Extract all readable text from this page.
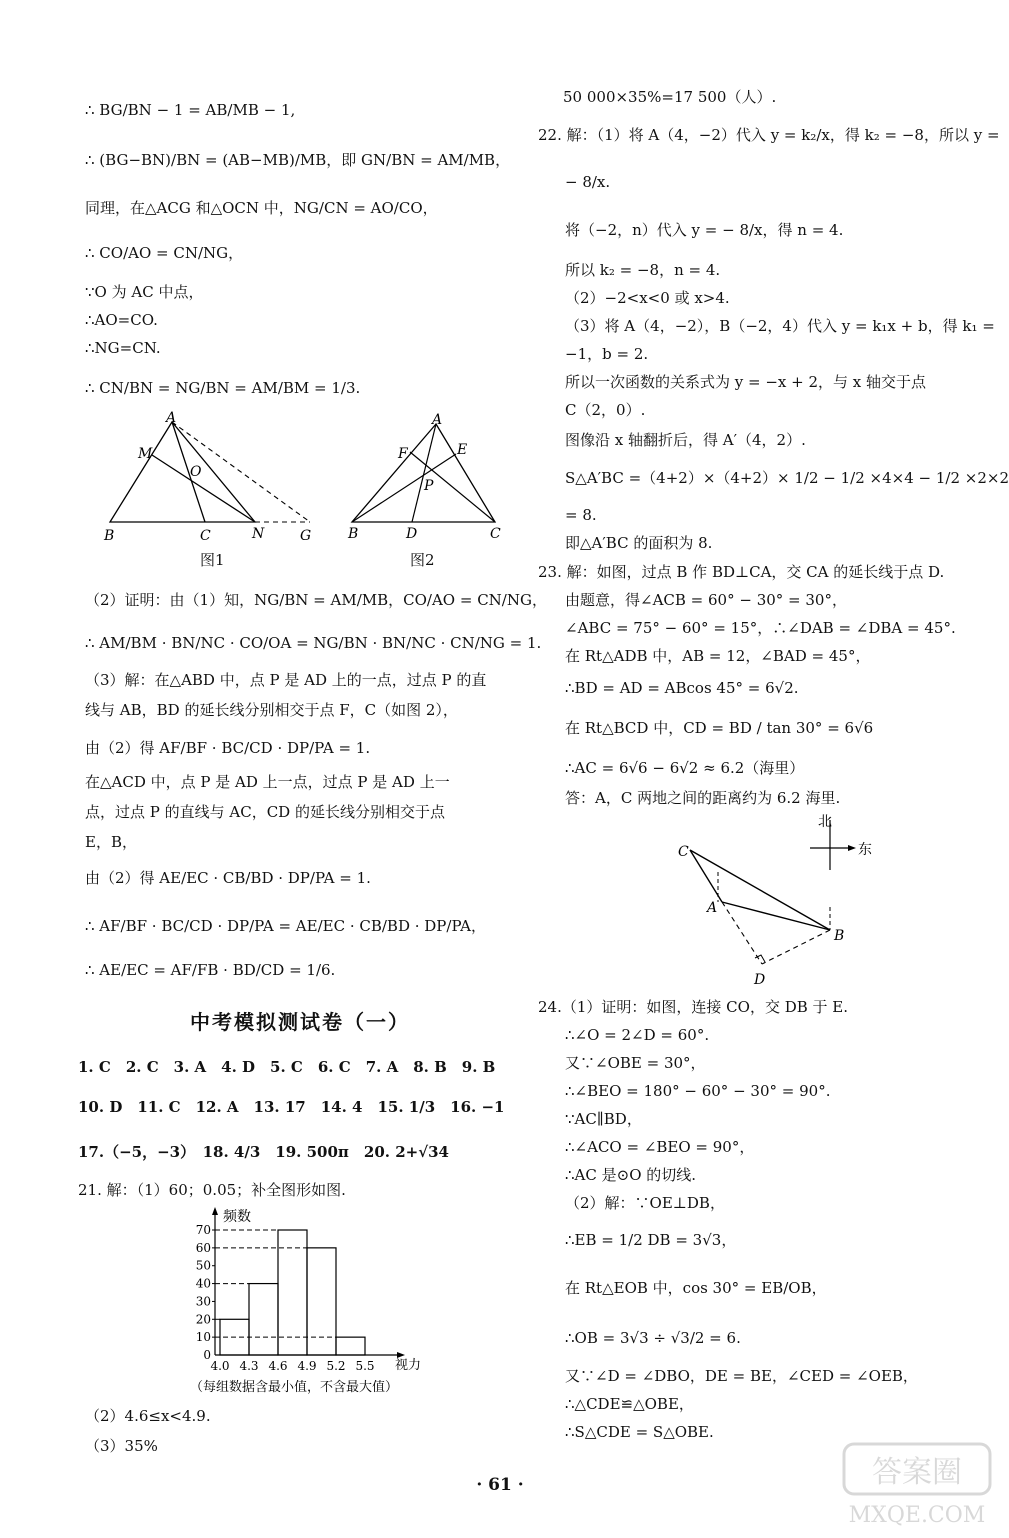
∴ BG/BN − 1 = AB/MB − 1,
∴ (BG−BN)/BN = (AB−MB)/MB，即 GN/BN = AM/MB，
同理，在△ACG 和△OCN 中，NG/CN = AO/CO，
∴ CO/AO = CN/NG，
∵O 为 AC 中点，
∴AO=CO.
∴NG=CN.
∴ CN/BN = NG/BN = AM/BM = 1/3.
A
M
O
B	C	N	G
图1
A
F	E
P
B	D	C
图2
（2）证明：由（1）知，NG/BN = AM/MB，CO/AO = CN/NG，
∴ AM/BM · BN/NC · CO/OA = NG/BN · BN/NC · CN/NG = 1.
（3）解：在△ABD 中，点 P 是 AD 上的一点，过点 P 的直
线与 AB，BD 的延长线分别相交于点 F，C（如图 2），
由（2）得 AF/BF · BC/CD · DP/PA = 1.
在△ACD 中，点 P 是 AD 上一点，过点 P 是 AD 上一
点，过点 P 的直线与 AC，CD 的延长线分别相交于点
E，B，
由（2）得 AE/EC · CB/BD · DP/PA = 1.
∴ AF/BF · BC/CD · DP/PA = AE/EC · CB/BD · DP/PA，
∴ AE/EC = AF/FB · BD/CD = 1/6.
中考模拟测试卷（一）
1. C　2. C　3. A　4. D　5. C　6. C　7. A　8. B　9. B
10. D　11. C　12. A　13. 17　14. 4　15. 1/3　16. −1
17.（−5，−3）　18. 4/3　19. 500π　20. 2+√34
21. 解：（1）60；0.05；补全图形如图.
频数
视力
0
10
20
30
40
50
60
70
4.0 4.3 4.6 4.9 5.2 5.5
（每组数据含最小值，不含最大值）
（2）4.6≤x<4.9.
（3）35%
50 000×35%=17 500（人）.
22. 解：（1）将 A（4，−2）代入 y = k₂/x，得 k₂ = −8，所以 y =
− 8/x.
将（−2，n）代入 y = − 8/x，得 n = 4.
所以 k₂ = −8，n = 4.
（2）−2<x<0 或 x>4.
（3）将 A（4，−2），B（−2，4）代入 y = k₁x + b，得 k₁ =
−1，b = 2.
所以一次函数的关系式为 y = −x + 2，与 x 轴交于点
C（2，0）.
图像沿 x 轴翻折后，得 A′（4，2）.
S△A′BC =（4+2）×（4+2）× 1/2 − 1/2 ×4×4 − 1/2 ×2×2
= 8.
即△A′BC 的面积为 8.
23. 解：如图，过点 B 作 BD⊥CA，交 CA 的延长线于点 D.
由题意，得∠ACB = 60° − 30° = 30°，
∠ABC = 75° − 60° = 15°，∴∠DAB = ∠DBA = 45°.
在 Rt△ADB 中，AB = 12，∠BAD = 45°，
∴BD = AD = ABcos 45° = 6√2.
在 Rt△BCD 中，CD = BD / tan 30° = 6√6
∴AC = 6√6 − 6√2 ≈ 6.2（海里）
答：A，C 两地之间的距离约为 6.2 海里.
C
A
B
D
北
东
24.（1）证明：如图，连接 CO，交 DB 于 E.
∴∠O = 2∠D = 60°.
又∵∠OBE = 30°，
∴∠BEO = 180° − 60° − 30° = 90°.
∵AC∥BD，
∴∠ACO = ∠BEO = 90°，
∴AC 是⊙O 的切线.
（2）解：∵OE⊥DB，
∴EB = 1/2 DB = 3√3，
在 Rt△EOB 中，cos 30° = EB/OB，
∴OB = 3√3 ÷ √3/2 = 6.
又∵∠D = ∠DBO，DE = BE，∠CED = ∠OEB，
∴△CDE≌△OBE，
∴S△CDE = S△OBE.
· 61 ·	答案圈
MXQE.COM
